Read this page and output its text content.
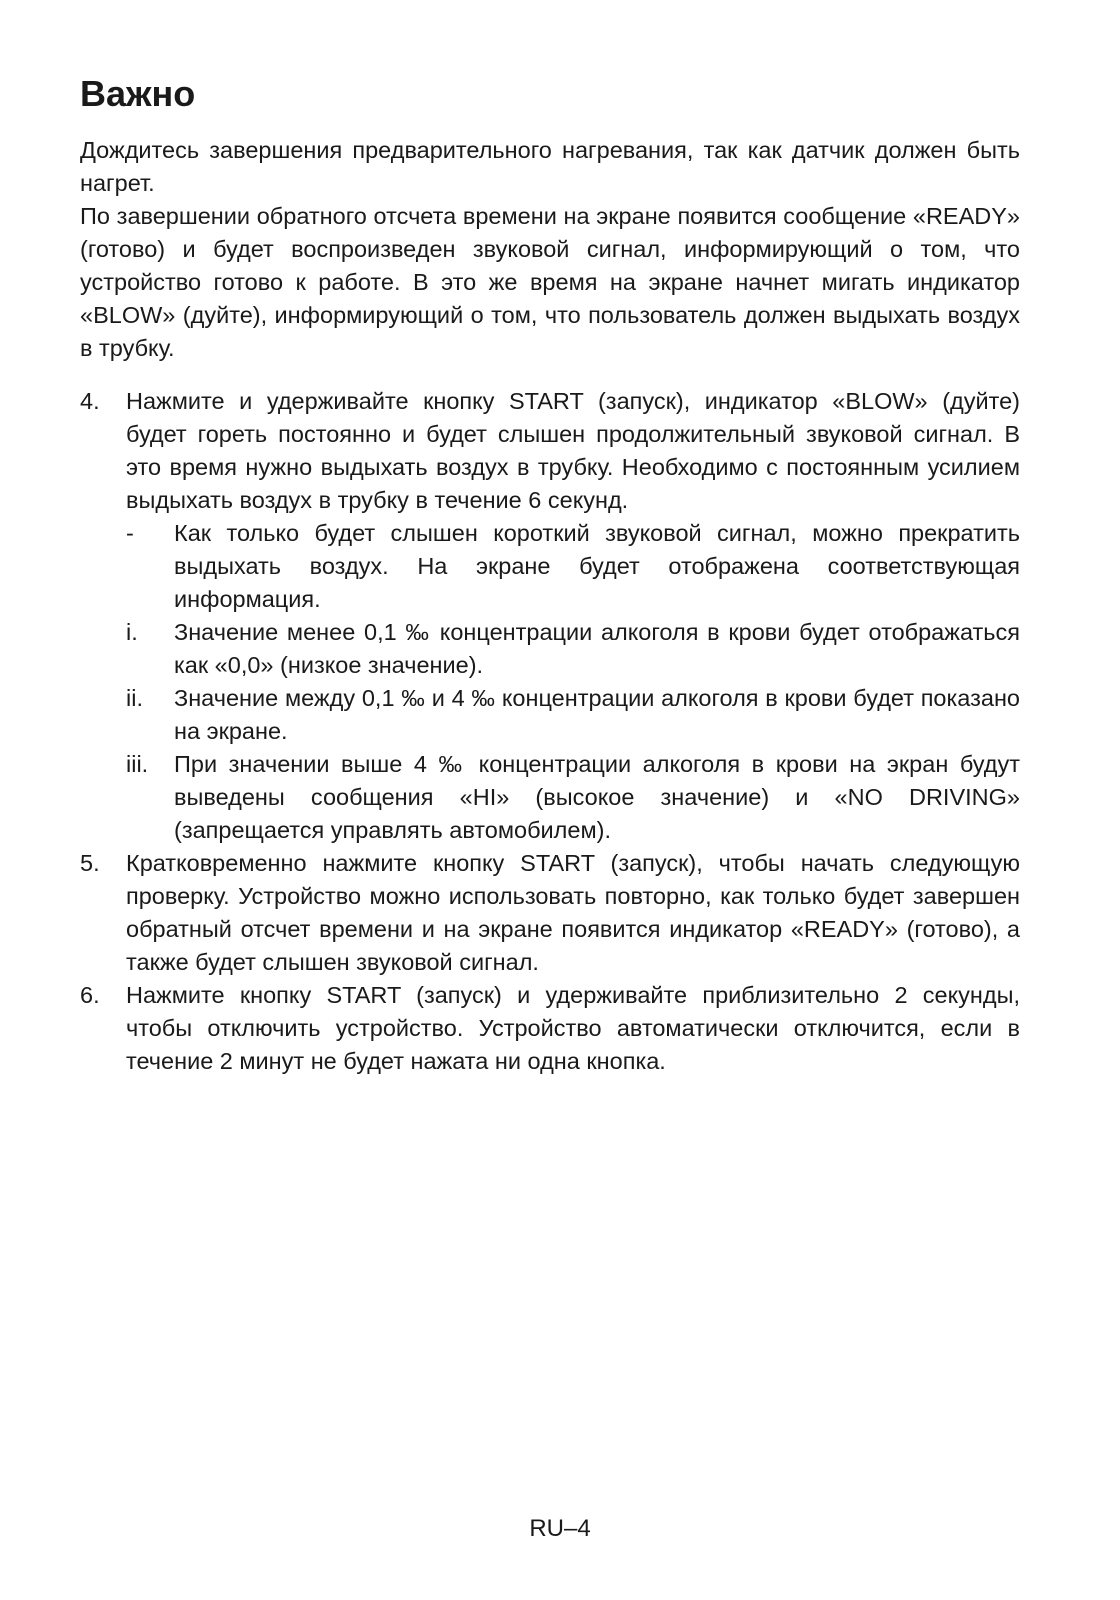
Важно

Дождитесь завершения предварительного нагревания, так как датчик должен быть нагрет.

По завершении обратного отсчета времени на экране появится сообщение «READY» (готово) и будет воспроизведен звуковой сигнал, информирующий о том, что устройство готово к работе. В это же время на экране начнет мигать индикатор «BLOW» (дуйте), информирующий о том, что пользователь должен выдыхать воздух в трубку.

4. Нажмите и удерживайте кнопку START (запуск), индикатор «BLOW» (дуйте) будет гореть постоянно и будет слышен продолжительный звуковой сигнал. В это время нужно выдыхать воздух в трубку. Необходимо с постоянным усилием выдыхать воздух в трубку в течение 6 секунд.
- Как только будет слышен короткий звуковой сигнал, можно прекратить выдыхать воздух. На экране будет отображена соответствующая информация.
i. Значение менее 0,1 ‰ концентрации алкоголя в крови будет отображаться как «0,0» (низкое значение).
ii. Значение между 0,1 ‰ и 4 ‰ концентрации алкоголя в крови будет показано на экране.
iii. При значении выше 4 ‰ концентрации алкоголя в крови на экран будут выведены сообщения «HI» (высокое значение) и «NO DRIVING» (запрещается управлять автомобилем).
5. Кратковременно нажмите кнопку START (запуск), чтобы начать следующую проверку. Устройство можно использовать повторно, как только будет завершен обратный отсчет времени и на экране появится индикатор «READY» (готово), а также будет слышен звуковой сигнал.
6. Нажмите кнопку START (запуск) и удерживайте приблизительно 2 секунды, чтобы отключить устройство. Устройство автоматически отключится, если в течение 2 минут не будет нажата ни одна кнопка.
RU–4
